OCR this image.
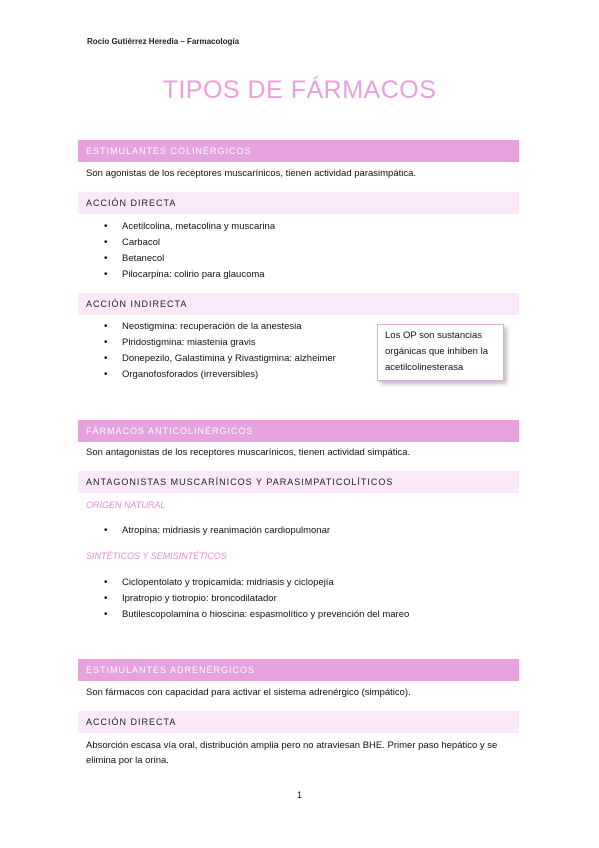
Rocío Gutiérrez Heredia – Farmacología
TIPOS DE FÁRMACOS
ESTIMULANTES COLINÉRGICOS
Son agonistas de los receptores muscarínicos, tienen actividad parasimpática.
ACCIÓN DIRECTA
• Acetilcolina, metacolina y muscarina
• Carbacol
• Betanecol
• Pilocarpina: colirio para glaucoma
ACCIÓN INDIRECTA
• Neostigmina: recuperación de la anestesia
• Piridostigmina: miastenia gravis
• Donepezilo, Galastimina y Rivastigmina: alzheimer
• Organofosforados (irreversibles)
Los OP son sustancias orgánicas que inhiben la acetilcolinesterasa
FÁRMACOS ANTICOLINÉRGICOS
Son antagonistas de los receptores muscarínicos, tienen actividad simpática.
ANTAGONISTAS MUSCARÍNICOS Y PARASIMPATICOLÍTICOS
ORIGEN NATURAL
• Atropina: midriasis y reanimación cardiopulmonar
SINTÉTICOS Y SEMISINTÉTICOS
• Ciclopentolato y tropicamida: midriasis y ciclopejía
• Ipratropio y tiotropio: broncodilatador
• Butilescopolamina o hioscina: espasmolítico y prevención del mareo
ESTIMULANTES ADRENÉRGICOS
Son fármacos con capacidad para activar el sistema adrenérgico (simpático).
ACCIÓN DIRECTA
Absorción escasa vía oral, distribución amplia pero no atraviesan BHE. Primer paso hepático y se elimina por la orina.
1
